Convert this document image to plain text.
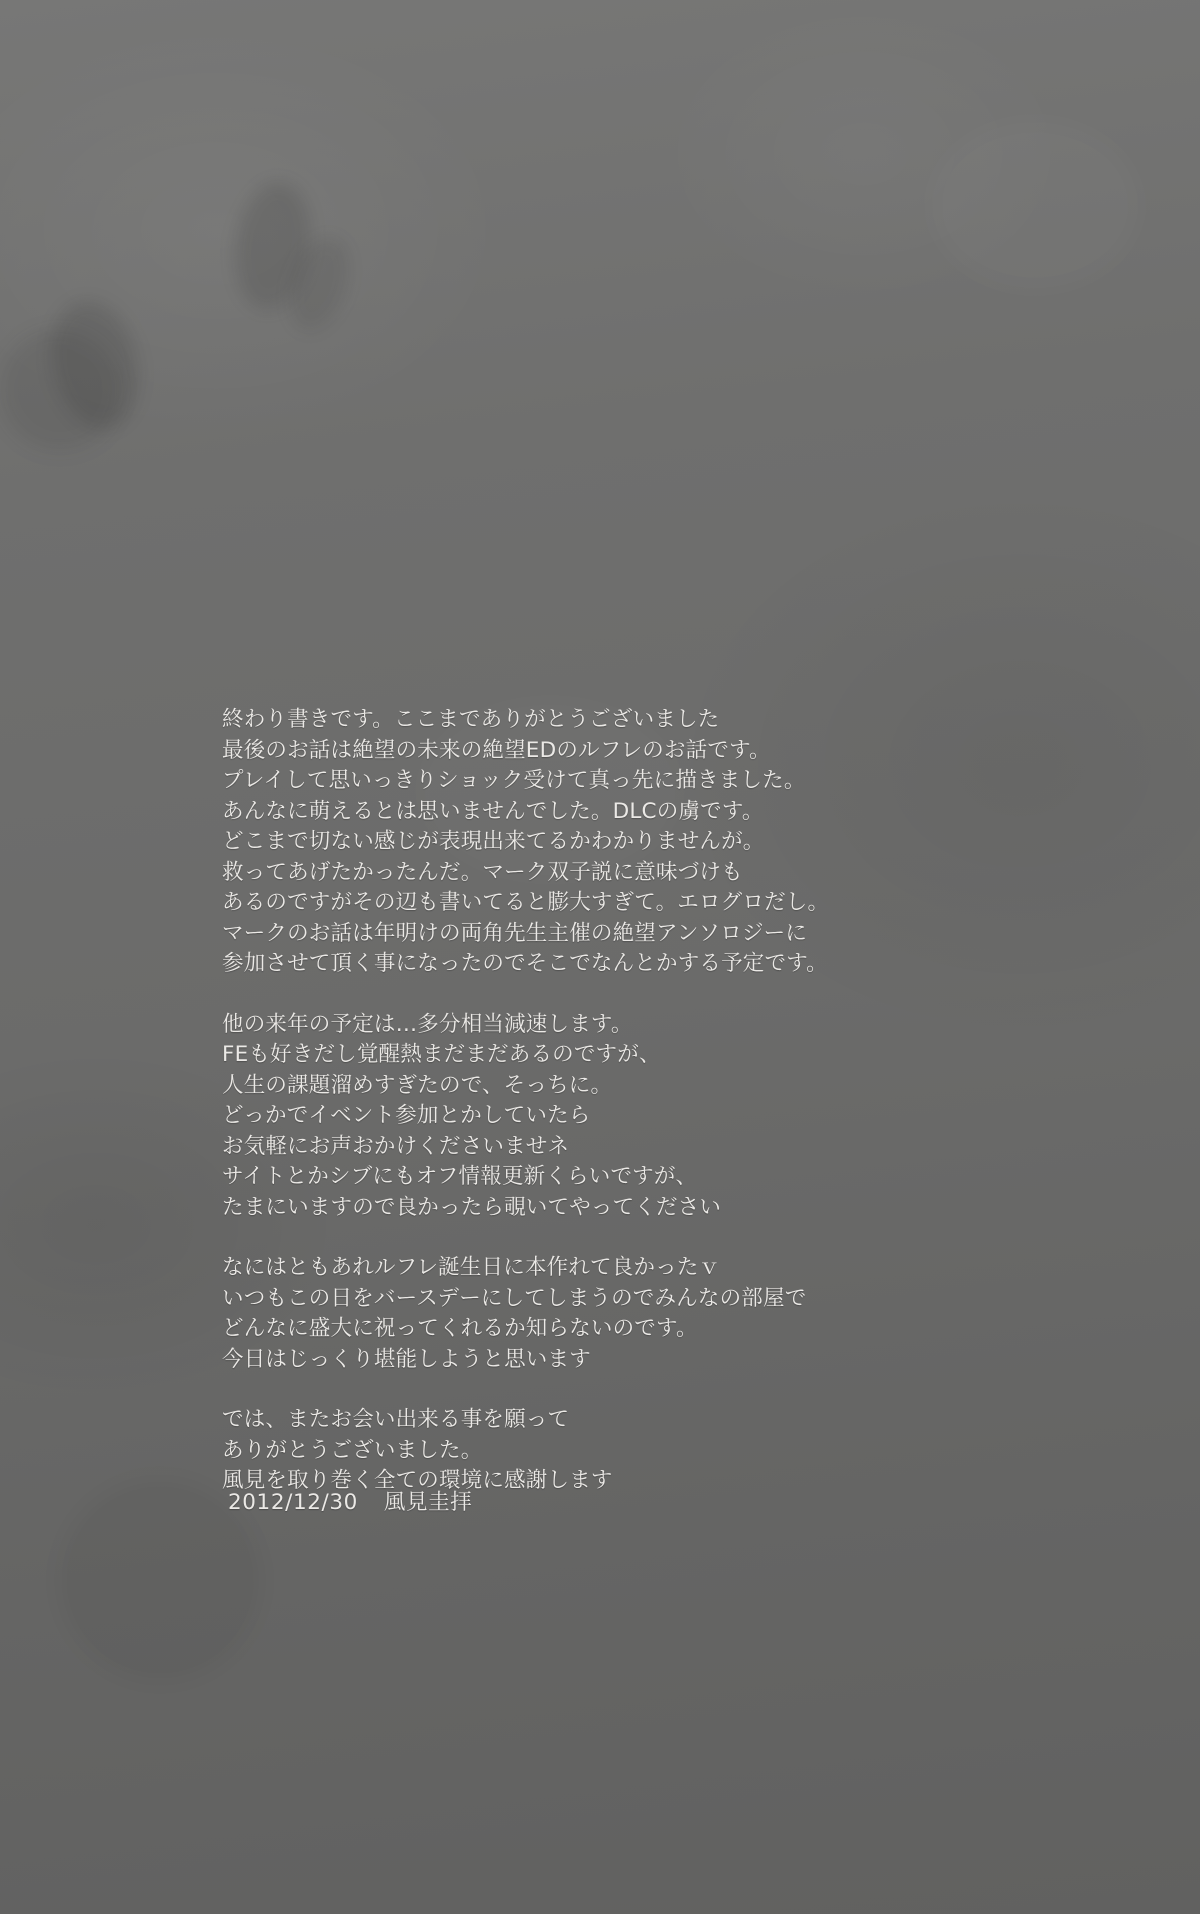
終わり書きです。ここまでありがとうございました
最後のお話は絶望の未来の絶望EDのルフレのお話です。
プレイして思いっきりショック受けて真っ先に描きました。
あんなに萌えるとは思いませんでした。DLCの虜です。
どこまで切ない感じが表現出来てるかわかりませんが。
救ってあげたかったんだ。マーク双子説に意味づけも
あるのですがその辺も書いてると膨大すぎて。エログロだし。
マークのお話は年明けの両角先生主催の絶望アンソロジーに
参加させて頂く事になったのでそこでなんとかする予定です。

他の来年の予定は…多分相当減速します。
FEも好きだし覚醒熱まだまだあるのですが、
人生の課題溜めすぎたので、そっちに。
どっかでイベント参加とかしていたら
お気軽にお声おかけくださいませネ
サイトとかシブにもオフ情報更新くらいですが、
たまにいますので良かったら覗いてやってください

なにはともあれルフレ誕生日に本作れて良かったｖ
いつもこの日をバースデーにしてしまうのでみんなの部屋で
どんなに盛大に祝ってくれるか知らないのです。
今日はじっくり堪能しようと思います

では、またお会い出来る事を願って
ありがとうございました。
風見を取り巻く全ての環境に感謝します

2012/12/30 風見圭拝
